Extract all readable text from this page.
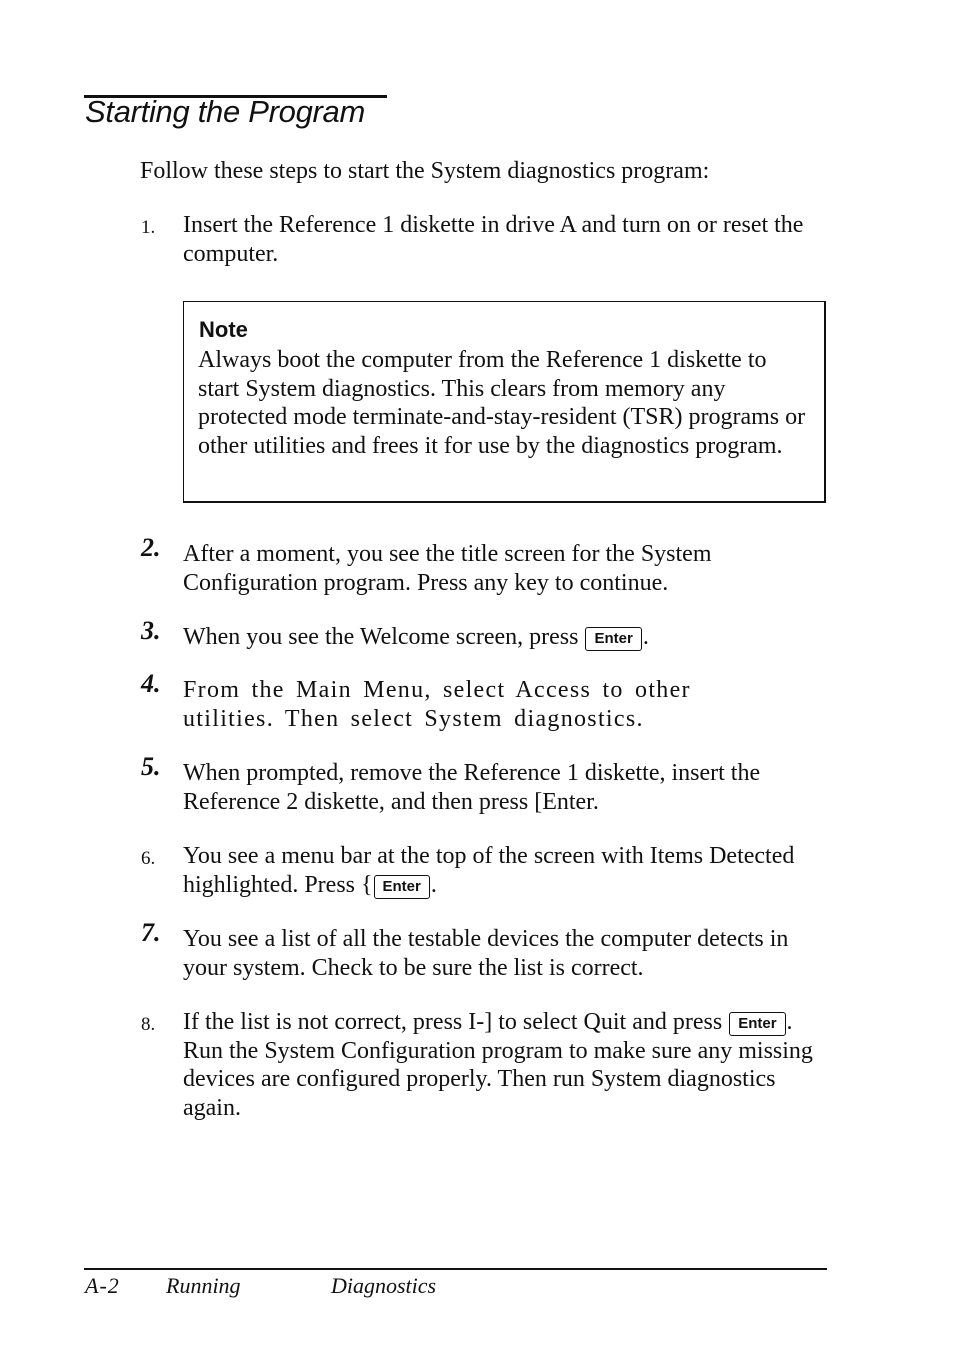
Starting the Program
Follow these steps to start the System diagnostics program:
1.	Insert the Reference 1 diskette in drive A and turn on or reset the computer.
Note
Always boot the computer from the Reference 1 diskette to start System diagnostics. This clears from memory any protected mode terminate-and-stay-resident (TSR) programs or other utilities and frees it for use by the diagnostics program.
2. After a moment, you see the title screen for the System Configuration program. Press any key to continue.
3. When you see the Welcome screen, press Enter .
4. From the Main Menu, select Access to other utilities. Then select System diagnostics.
5. When prompted, remove the Reference 1 diskette, insert the Reference 2 diskette, and then press [Enter.
6.	You see a menu bar at the top of the screen with Items Detected highlighted. Press { Enter .
7. You see a list of all the testable devices the computer detects in your system. Check to be sure the list is correct.
8.	If the list is not correct, press I-] to select Quit and press Enter . Run the System Configuration program to make sure any missing devices are configured properly. Then run System diagnostics again.
A-2 Running	Diagnostics
